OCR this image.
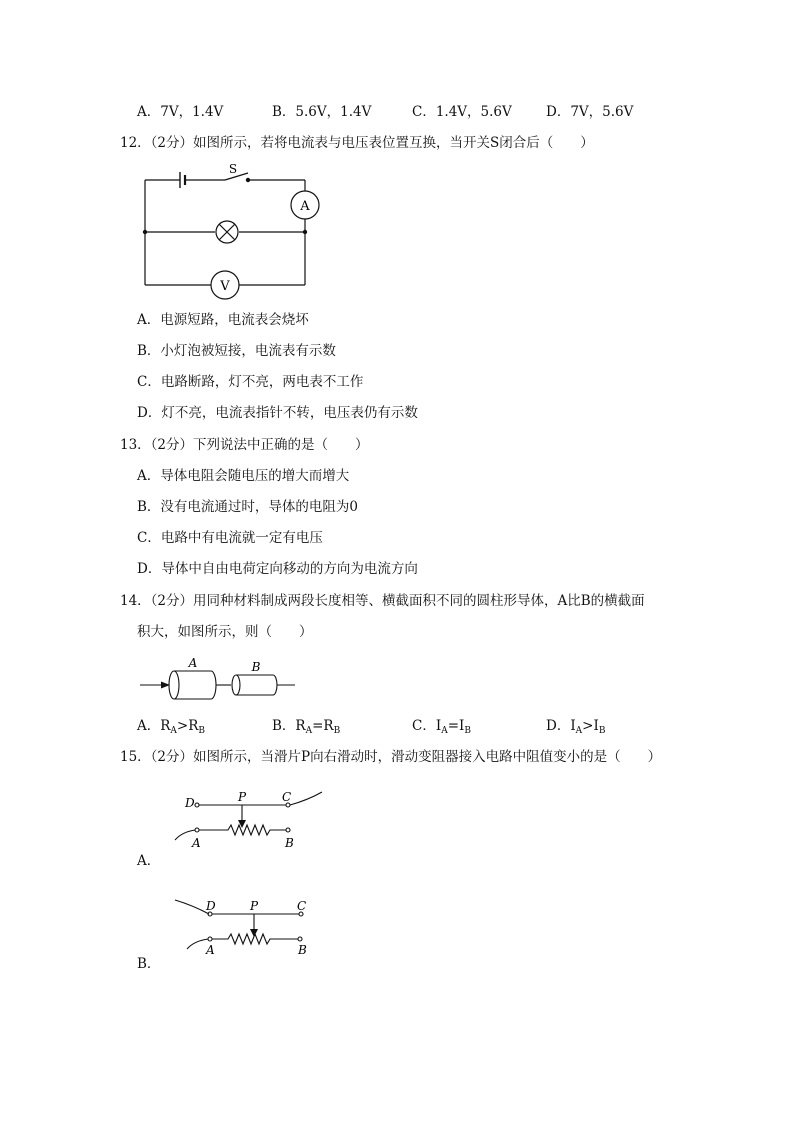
A．7V，1.4V	B．5.6V，1.4V	C．1.4V，5.6V	D．7V，5.6V
12．（2分）如图所示，若将电流表与电压表位置互换，当开关S闭合后（　　）
S
A
V
A．电源短路，电流表会烧坏
B．小灯泡被短接，电流表有示数
C．电路断路，灯不亮，两电表不工作
D．灯不亮，电流表指针不转，电压表仍有示数
13．（2分）下列说法中正确的是（　　）
A．导体电阻会随电压的增大而增大
B．没有电流通过时，导体的电阻为0
C．电路中有电流就一定有电压
D．导体中自由电荷定向移动的方向为电流方向
14．（2分）用同种材料制成两段长度相等、横截面积不同的圆柱形导体，A比B的横截面
积大，如图所示，则（　　）
A	B
A．$R_A>R_B$	B．$R_A=R_B$	C．$I_A=I_B$	D．$I_A>I_B$
15．（2分）如图所示，当滑片P向右滑动时，滑动变阻器接入电路中阻值变小的是（　　）
D	P	C
A	B
A．
D	P	C
A	B
B．
